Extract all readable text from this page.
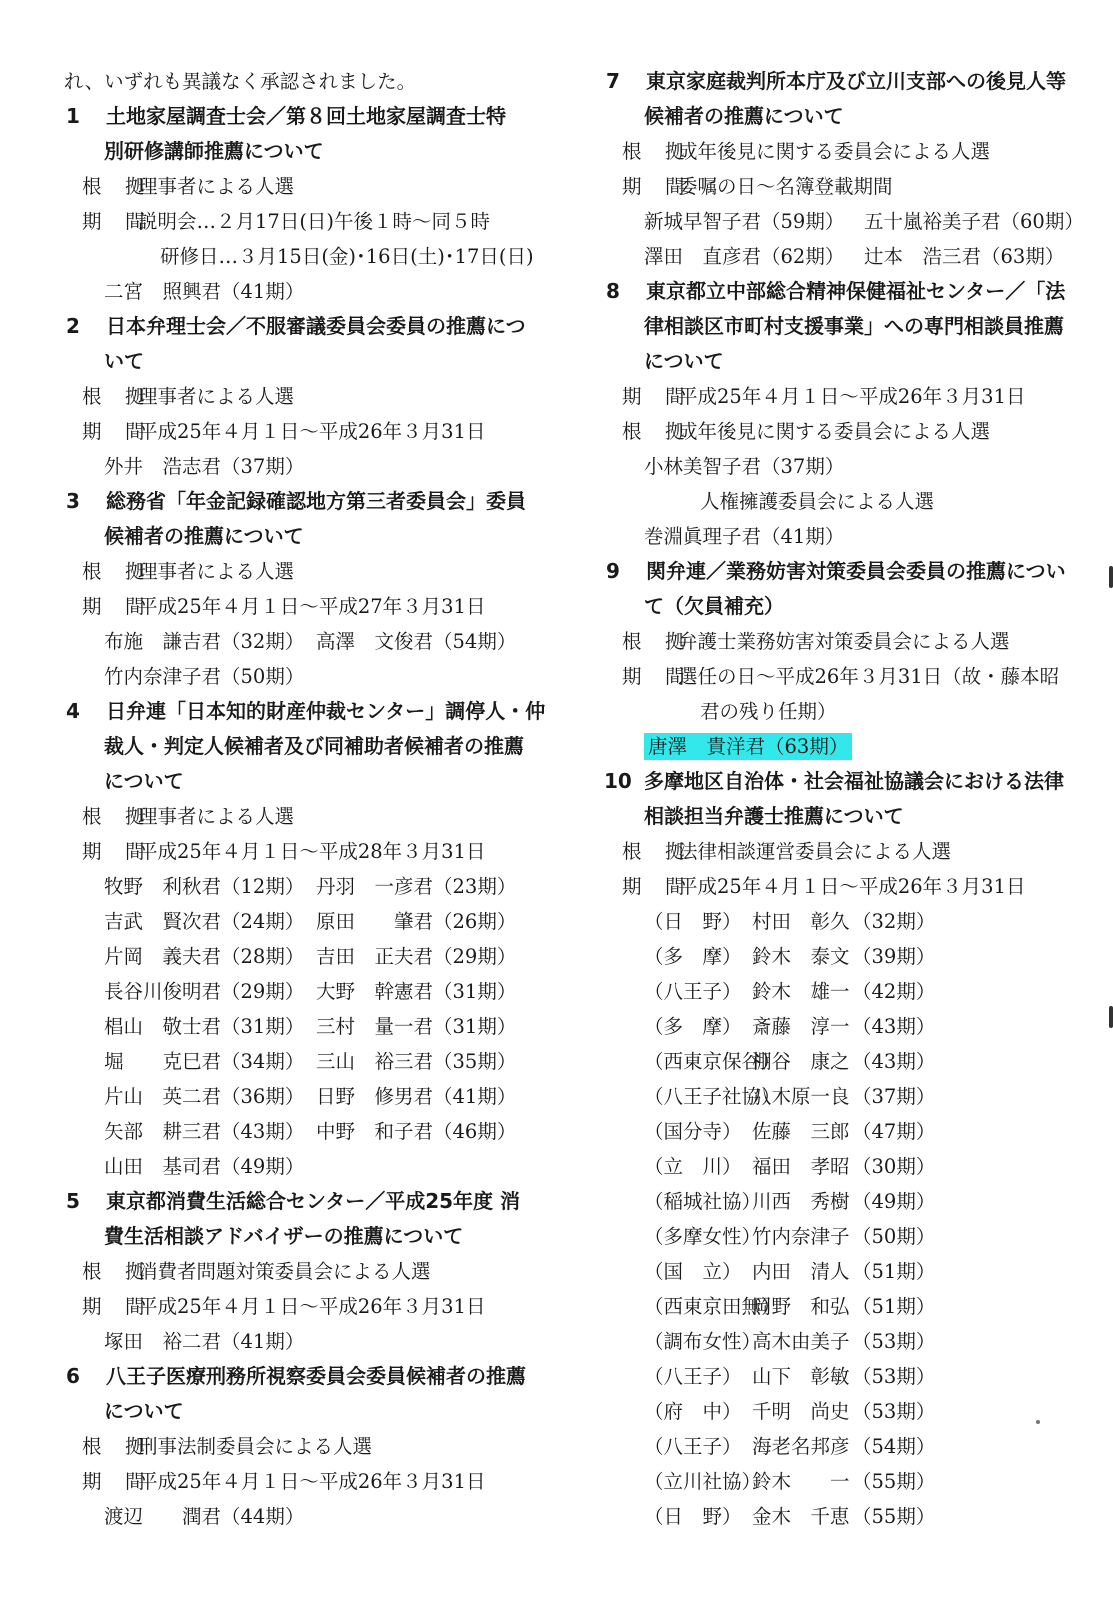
れ、いずれも異議なく承認されました。
1 土地家屋調査士会／第８回土地家屋調査士特
別研修講師推薦について
根　拠理事者による人選
期　間説明会…２月17日(日)午後１時～同５時
研修日…３月15日(金)･16日(土)･17日(日)
二宮　照興君（41期）
2 日本弁理士会／不服審議委員会委員の推薦につ
いて
根　拠理事者による人選
期　間平成25年４月１日～平成26年３月31日
外井　浩志君（37期）
3 総務省「年金記録確認地方第三者委員会」委員
候補者の推薦について
根　拠理事者による人選
期　間平成25年４月１日～平成27年３月31日
布施　謙吉君（32期） 高澤　文俊君（54期）
竹内奈津子君（50期）
4 日弁連「日本知的財産仲裁センター」調停人・仲
裁人・判定人候補者及び同補助者候補者の推薦
について
根　拠理事者による人選
期　間平成25年４月１日～平成28年３月31日
牧野　利秋君（12期） 丹羽　一彦君（23期）
吉武　賢次君（24期） 原田　　肇君（26期）
片岡　義夫君（28期） 吉田　正夫君（29期）
長谷川俊明君（29期） 大野　幹憲君（31期）
椙山　敬士君（31期） 三村　量一君（31期）
堀　　克巳君（34期） 三山　裕三君（35期）
片山　英二君（36期） 日野　修男君（41期）
矢部　耕三君（43期） 中野　和子君（46期）
山田　基司君（49期）
5 東京都消費生活総合センター／平成25年度 消
費生活相談アドバイザーの推薦について
根　拠消費者問題対策委員会による人選
期　間平成25年４月１日～平成26年３月31日
塚田　裕二君（41期）
6 八王子医療刑務所視察委員会委員候補者の推薦
について
根　拠刑事法制委員会による人選
期　間平成25年４月１日～平成26年３月31日
渡辺　　潤君（44期）
7 東京家庭裁判所本庁及び立川支部への後見人等
候補者の推薦について
根　拠成年後見に関する委員会による人選
期　間委嘱の日～名簿登載期間
新城早智子君（59期） 五十嵐裕美子君（60期）
澤田　直彦君（62期） 辻本　浩三君（63期）
8 東京都立中部総合精神保健福祉センター／「法
律相談区市町村支援事業」への専門相談員推薦
について
期　間平成25年４月１日～平成26年３月31日
根　拠成年後見に関する委員会による人選
小林美智子君（37期）
人権擁護委員会による人選
巻淵眞理子君（41期）
9 関弁連／業務妨害対策委員会委員の推薦につい
て（欠員補充）
根　拠弁護士業務妨害対策委員会による人選
期　間選任の日～平成26年３月31日（故・藤本昭
君の残り任期）
唐澤　貴洋君（63期）
10 多摩地区自治体・社会福祉協議会における法律
相談担当弁護士推薦について
根　拠法律相談運営委員会による人選
期　間平成25年４月１日～平成26年３月31日
（日　野） 村田　彰久 （32期）
（多　摩） 鈴木　泰文 （39期）
（八王子） 鈴木　雄一 （42期）
（多　摩） 斎藤　淳一 （43期）
（西東京保谷）棚谷　康之 （43期）
（八王子社協）八木原一良 （37期）
（国分寺） 佐藤　三郎 （47期）
（立　川） 福田　孝昭 （30期）
（稲城社協）川西　秀樹 （49期）
（多摩女性）竹内奈津子 （50期）
（国　立） 内田　清人 （51期）
（西東京田無）岡野　和弘 （51期）
（調布女性）高木由美子 （53期）
（八王子） 山下　彰敏 （53期）
（府　中） 千明　尚史 （53期）
（八王子） 海老名邦彦 （54期）
（立川社協）鈴木　　一 （55期）
（日　野） 金木　千恵 （55期）
